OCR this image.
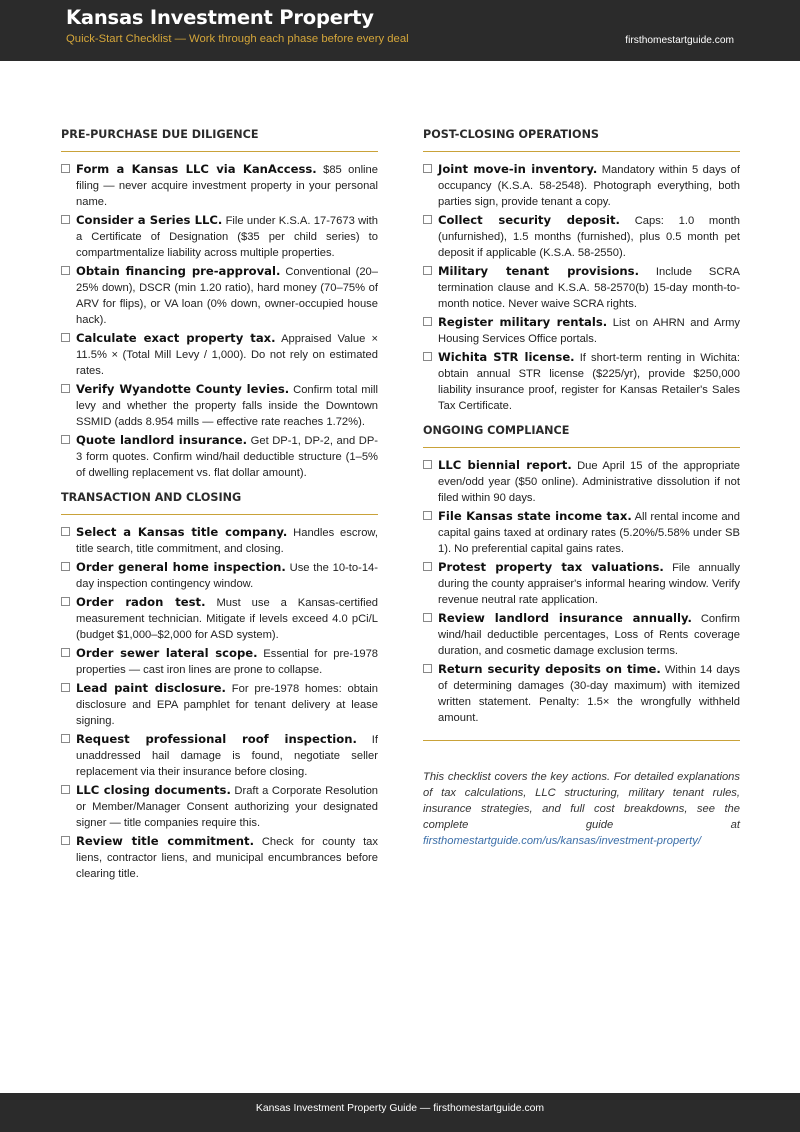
Kansas Investment Property
Quick-Start Checklist — Work through each phase before every deal	firsthomestartguide.com
PRE-PURCHASE DUE DILIGENCE
Form a Kansas LLC via KanAccess. $85 online filing — never acquire investment property in your personal name.
Consider a Series LLC. File under K.S.A. 17-7673 with a Certificate of Designation ($35 per child series) to compartmentalize liability across multiple properties.
Obtain financing pre-approval. Conventional (20–25% down), DSCR (min 1.20 ratio), hard money (70–75% of ARV for flips), or VA loan (0% down, owner-occupied house hack).
Calculate exact property tax. Appraised Value × 11.5% × (Total Mill Levy / 1,000). Do not rely on estimated rates.
Verify Wyandotte County levies. Confirm total mill levy and whether the property falls inside the Downtown SSMID (adds 8.954 mills — effective rate reaches 1.72%).
Quote landlord insurance. Get DP-1, DP-2, and DP-3 form quotes. Confirm wind/hail deductible structure (1–5% of dwelling replacement vs. flat dollar amount).
TRANSACTION AND CLOSING
Select a Kansas title company. Handles escrow, title search, title commitment, and closing.
Order general home inspection. Use the 10-to-14-day inspection contingency window.
Order radon test. Must use a Kansas-certified measurement technician. Mitigate if levels exceed 4.0 pCi/L (budget $1,000–$2,000 for ASD system).
Order sewer lateral scope. Essential for pre-1978 properties — cast iron lines are prone to collapse.
Lead paint disclosure. For pre-1978 homes: obtain disclosure and EPA pamphlet for tenant delivery at lease signing.
Request professional roof inspection. If unaddressed hail damage is found, negotiate seller replacement via their insurance before closing.
LLC closing documents. Draft a Corporate Resolution or Member/Manager Consent authorizing your designated signer — title companies require this.
Review title commitment. Check for county tax liens, contractor liens, and municipal encumbrances before clearing title.
POST-CLOSING OPERATIONS
Joint move-in inventory. Mandatory within 5 days of occupancy (K.S.A. 58-2548). Photograph everything, both parties sign, provide tenant a copy.
Collect security deposit. Caps: 1.0 month (unfurnished), 1.5 months (furnished), plus 0.5 month pet deposit if applicable (K.S.A. 58-2550).
Military tenant provisions. Include SCRA termination clause and K.S.A. 58-2570(b) 15-day month-to-month notice. Never waive SCRA rights.
Register military rentals. List on AHRN and Army Housing Services Office portals.
Wichita STR license. If short-term renting in Wichita: obtain annual STR license ($225/yr), provide $250,000 liability insurance proof, register for Kansas Retailer's Sales Tax Certificate.
ONGOING COMPLIANCE
LLC biennial report. Due April 15 of the appropriate even/odd year ($50 online). Administrative dissolution if not filed within 90 days.
File Kansas state income tax. All rental income and capital gains taxed at ordinary rates (5.20%/5.58% under SB 1). No preferential capital gains rates.
Protest property tax valuations. File annually during the county appraiser's informal hearing window. Verify revenue neutral rate application.
Review landlord insurance annually. Confirm wind/hail deductible percentages, Loss of Rents coverage duration, and cosmetic damage exclusion terms.
Return security deposits on time. Within 14 days of determining damages (30-day maximum) with itemized written statement. Penalty: 1.5× the wrongfully withheld amount.

This checklist covers the key actions. For detailed explanations of tax calculations, LLC structuring, military tenant rules, insurance strategies, and full cost breakdowns, see the complete guide at firsthomestartguide.com/us/kansas/investment-property/

Kansas Investment Property Guide — firsthomestartguide.com
